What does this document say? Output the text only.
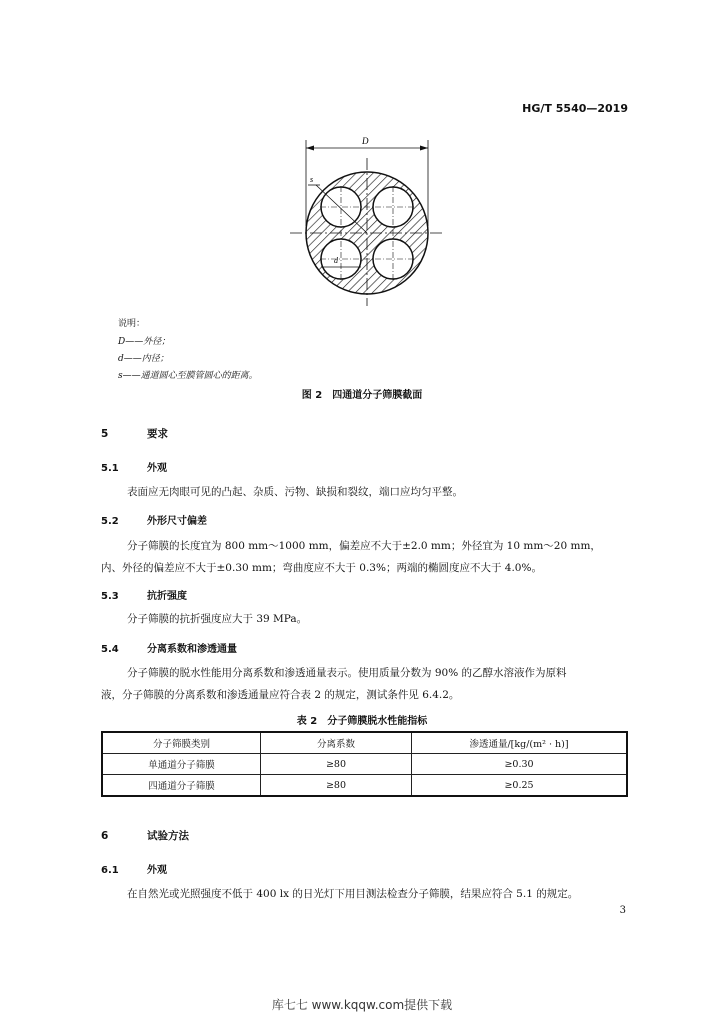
HG/T 5540—2019
D
s
d
说明：
D——外径；
d——内径；
s——通道圆心至膜管圆心的距离。
图 2　四通道分子筛膜截面
5	要求
5.1	外观
表面应无肉眼可见的凸起、杂质、污物、缺损和裂纹，端口应均匀平整。
5.2	外形尺寸偏差
分子筛膜的长度宜为 800 mm～1000 mm，偏差应不大于±2.0 mm；外径宜为 10 mm～20 mm，
内、外径的偏差应不大于±0.30 mm；弯曲度应不大于 0.3%；两端的椭圆度应不大于 4.0%。
5.3	抗折强度
分子筛膜的抗折强度应大于 39 MPa。
5.4	分离系数和渗透通量
分子筛膜的脱水性能用分离系数和渗透通量表示。使用质量分数为 90% 的乙醇水溶液作为原料
液，分子筛膜的分离系数和渗透通量应符合表 2 的规定，测试条件见 6.4.2。
表 2　分子筛膜脱水性能指标
分子筛膜类别	分离系数	渗透通量/[kg/(m² · h)]
单通道分子筛膜	≥80	≥0.30
四通道分子筛膜	≥80	≥0.25
6	试验方法
6.1	外观
在自然光或光照强度不低于 400 lx 的日光灯下用目测法检查分子筛膜，结果应符合 5.1 的规定。
3
库七七 www.kqqw.com提供下载
